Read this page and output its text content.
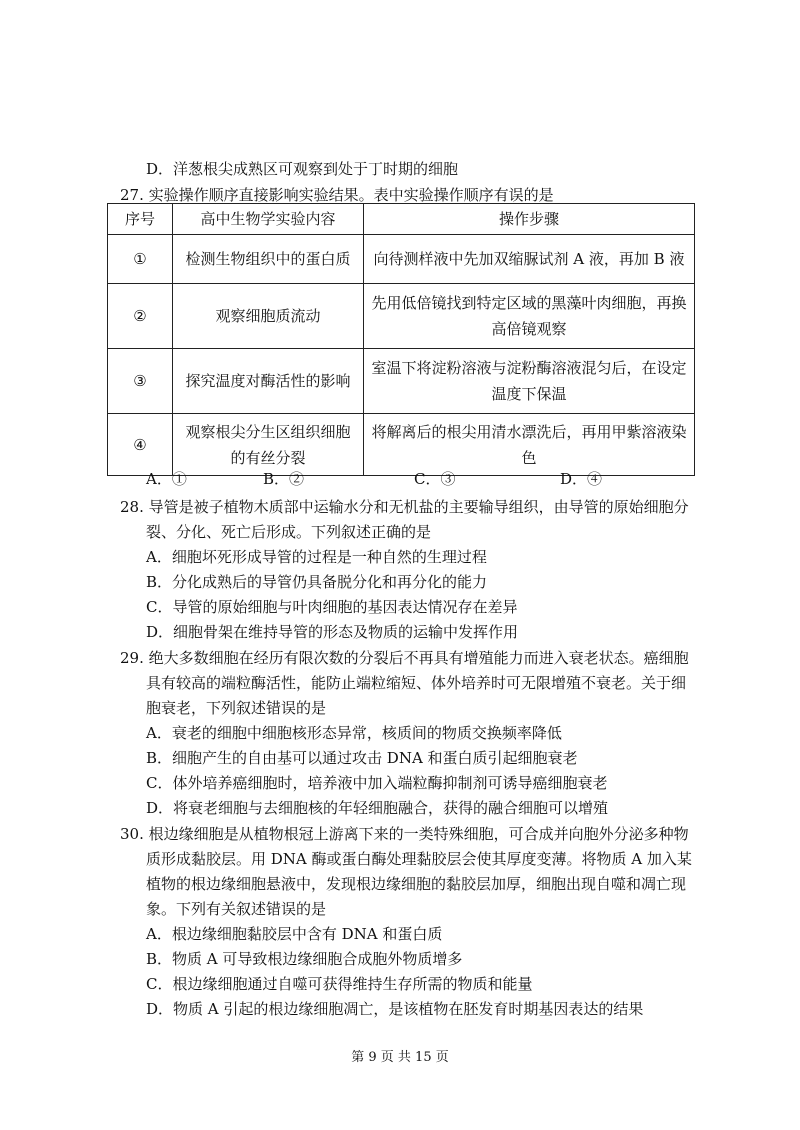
D．洋葱根尖成熟区可观察到处于丁时期的细胞
27. 实验操作顺序直接影响实验结果。表中实验操作顺序有误的是
序号	高中生物学实验内容	操作步骤
①	检测生物组织中的蛋白质	向待测样液中先加双缩脲试剂 A 液，再加 B 液
②	观察细胞质流动	先用低倍镜找到特定区域的黑藻叶肉细胞，再换
高倍镜观察
③	探究温度对酶活性的影响	室温下将淀粉溶液与淀粉酶溶液混匀后，在设定
温度下保温
④	观察根尖分生区组织细胞
的有丝分裂	将解离后的根尖用清水漂洗后，再用甲紫溶液染
色
A．①	B．②	C．③	D．④
28. 导管是被子植物木质部中运输水分和无机盐的主要输导组织，由导管的原始细胞分
裂、分化、死亡后形成。下列叙述正确的是
A．细胞坏死形成导管的过程是一种自然的生理过程
B．分化成熟后的导管仍具备脱分化和再分化的能力
C．导管的原始细胞与叶肉细胞的基因表达情况存在差异
D．细胞骨架在维持导管的形态及物质的运输中发挥作用
29. 绝大多数细胞在经历有限次数的分裂后不再具有增殖能力而进入衰老状态。癌细胞
具有较高的端粒酶活性，能防止端粒缩短、体外培养时可无限增殖不衰老。关于细
胞衰老，下列叙述错误的是
A．衰老的细胞中细胞核形态异常，核质间的物质交换频率降低
B．细胞产生的自由基可以通过攻击 DNA 和蛋白质引起细胞衰老
C．体外培养癌细胞时，培养液中加入端粒酶抑制剂可诱导癌细胞衰老
D．将衰老细胞与去细胞核的年轻细胞融合，获得的融合细胞可以增殖
30. 根边缘细胞是从植物根冠上游离下来的一类特殊细胞，可合成并向胞外分泌多种物
质形成黏胶层。用 DNA 酶或蛋白酶处理黏胶层会使其厚度变薄。将物质 A 加入某
植物的根边缘细胞悬液中，发现根边缘细胞的黏胶层加厚，细胞出现自噬和凋亡现
象。下列有关叙述错误的是
A．根边缘细胞黏胶层中含有 DNA 和蛋白质
B．物质 A 可导致根边缘细胞合成胞外物质增多
C．根边缘细胞通过自噬可获得维持生存所需的物质和能量
D．物质 A 引起的根边缘细胞凋亡，是该植物在胚发育时期基因表达的结果
第 9 页 共 15 页
